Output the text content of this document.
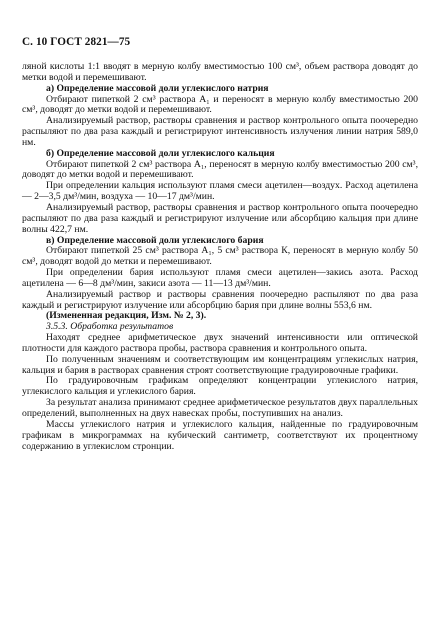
С. 10 ГОСТ 2821—75

ляной кислоты 1:1 вводят в мерную колбу вместимостью 100 см³, объем раствора доводят до метки водой и перемешивают.

а) Определение массовой доли углекислого натрия

Отбирают пипеткой 2 см³ раствора А₁ и переносят в мерную колбу вместимостью 200 см³, доводят до метки водой и перемешивают.

Анализируемый раствор, растворы сравнения и раствор контрольного опыта поочередно распыляют по два раза каждый и регистрируют интенсивность излучения линии натрия 589,0 нм.

б) Определение массовой доли углекислого кальция

Отбирают пипеткой 2 см³ раствора А₁, переносят в мерную колбу вместимостью 200 см³, доводят до метки водой и перемешивают.

При определении кальция используют пламя смеси ацетилен—воздух. Расход ацетилена — 2—3,5 дм³/мин, воздуха — 10—17 дм³/мин.

Анализируемый раствор, растворы сравнения и раствор контрольного опыта поочередно распыляют по два раза каждый и регистрируют излучение или абсорбцию кальция при длине волны 422,7 нм.

в) Определение массовой доли углекислого бария

Отбирают пипеткой 25 см³ раствора А₁, 5 см³ раствора К, переносят в мерную колбу 50 см³, доводят водой до метки и перемешивают.

При определении бария используют пламя смеси ацетилен—закись азота. Расход ацетилена — 6—8 дм³/мин, закиси азота — 11—13 дм³/мин.

Анализируемый раствор и растворы сравнения поочередно распыляют по два раза каждый и регистрируют излучение или абсорбцию бария при длине волны 553,6 нм.

(Измененная редакция, Изм. № 2, 3).

3.5.3. Обработка результатов

Находят среднее арифметическое двух значений интенсивности или оптической плотности для каждого раствора пробы, раствора сравнения и контрольного опыта.

По полученным значениям и соответствующим им концентрациям углекислых натрия, кальция и бария в растворах сравнения строят соответствующие градуировочные графики.

По градуировочным графикам определяют концентрации углекислого натрия, углекислого кальция и углекислого бария.

За результат анализа принимают среднее арифметическое результатов двух параллельных определений, выполненных на двух навесках пробы, поступивших на анализ.

Массы углекислого натрия и углекислого кальция, найденные по градуировочным графикам в микрограммах на кубический сантиметр, соответствуют их процентному содержанию в углекислом стронции.
